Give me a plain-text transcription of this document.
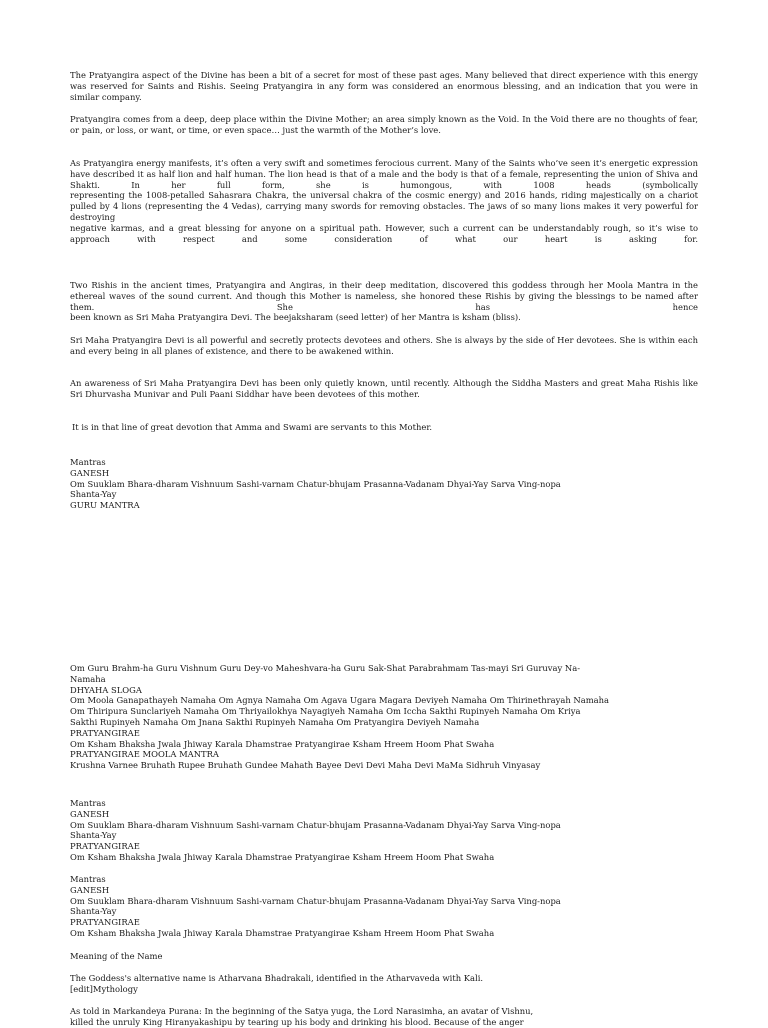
The Pratyangira aspect of the Divine has been a bit of a secret for most of these past ages. Many believed that direct experience with this energy was reserved for Saints and Rishis. Seeing Pratyangira in any form was considered an enormous blessing, and an indication that you were in similar company.

Pratyangira comes from a deep, deep place within the Divine Mother; an area simply known as the Void. In the Void there are no thoughts of fear, or pain, or loss, or want, or time, or even space… just the warmth of the Mother’s love.

As Pratyangira energy manifests, it’s often a very swift and sometimes ferocious current. Many of the Saints who’ve seen it’s energetic expression have described it as half lion and half human. The lion head is that of a male and the body is that of a female, representing the union of Shiva and Shakti. In her full form, she is humongous, with 1008 heads (symbolically
representing the 1008-petalled Sahasrara Chakra, the universal chakra of the cosmic energy) and 2016 hands, riding majestically on a chariot pulled by 4 lions (representing the 4 Vedas), carrying many swords for removing obstacles. The jaws of so many lions makes it very powerful for destroying
negative karmas, and a great blessing for anyone on a spiritual path. However, such a current can be understandably rough, so it’s wise to approach with respect and some consideration of what our heart is asking for.
Two Rishis in the ancient times, Pratyangira and Angiras, in their deep meditation, discovered this goddess through her Moola Mantra in the ethereal waves of the sound current. And though this Mother is nameless, she honored these Rishis by giving the blessings to be named after them. She has hence
been known as Sri Maha Pratyangira Devi. The beejaksharam (seed letter) of her Mantra is ksham (bliss).

Sri Maha Pratyangira Devi is all powerful and secretly protects devotees and others. She is always by the side of Her devotees. She is within each and every being in all planes of existence, and there to be awakened within.

An awareness of Sri Maha Pratyangira Devi has been only quietly known, until recently. Although the Siddha Masters and great Maha Rishis like Sri Dhurvasha Munivar and Puli Paani Siddhar have been devotees of this mother.

It is in that line of great devotion that Amma and Swami are servants to this Mother.

Mantras
GANESH
Om Suuklam Bhara-dharam Vishnuum Sashi-varnam Chatur-bhujam Prasanna-Vadanam Dhyai-Yay Sarva Ving-nopa
Shanta-Yay
GURU MANTRA
Om Guru Brahm-ha Guru Vishnum Guru Dey-vo Maheshvara-ha Guru Sak-Shat Parabrahmam Tas-mayi Sri Guruvay Na-
Namaha
DHYAHA SLOGA
Om Moola Ganapathayeh Namaha Om Agnya Namaha Om Agava Ugara Magara Deviyeh Namaha Om Thirinethrayah Namaha
Om Thiripura Sunclariyeh Namaha Om Thriyailokhya Nayagiyeh Namaha Om Iccha Sakthi Rupinyeh Namaha Om Kriya
Sakthi Rupinyeh Namaha Om Jnana Sakthi Rupinyeh Namaha Om Pratyangira Deviyeh Namaha
PRATYANGIRAE
Om Ksham Bhaksha Jwala Jhiway Karala Dhamstrae Pratyangirae Ksham Hreem Hoom Phat Swaha
PRATYANGIRAE MOOLA MANTRA
Krushna Varnee Bruhath Rupee Bruhath Gundee Mahath Bayee Devi Devi Maha Devi MaMa Sidhruh Vinyasay
Mantras
GANESH
Om Suuklam Bhara-dharam Vishnuum Sashi-varnam Chatur-bhujam Prasanna-Vadanam Dhyai-Yay Sarva Ving-nopa
Shanta-Yay
PRATYANGIRAE
Om Ksham Bhaksha Jwala Jhiway Karala Dhamstrae Pratyangirae Ksham Hreem Hoom Phat Swaha
Mantras
GANESH
Om Suuklam Bhara-dharam Vishnuum Sashi-varnam Chatur-bhujam Prasanna-Vadanam Dhyai-Yay Sarva Ving-nopa
Shanta-Yay
PRATYANGIRAE
Om Ksham Bhaksha Jwala Jhiway Karala Dhamstrae Pratyangirae Ksham Hreem Hoom Phat Swaha

Meaning of the Name

The Goddess's alternative name is Atharvana Bhadrakali, identified in the Atharvaveda with Kali.
[edit]Mythology
As told in Markandeya Purana: In the beginning of the Satya yuga, the Lord Narasimha, an avatar of Vishnu,
killed the unruly King Hiranyakashipu by tearing up his body and drinking his blood. Because of the anger
